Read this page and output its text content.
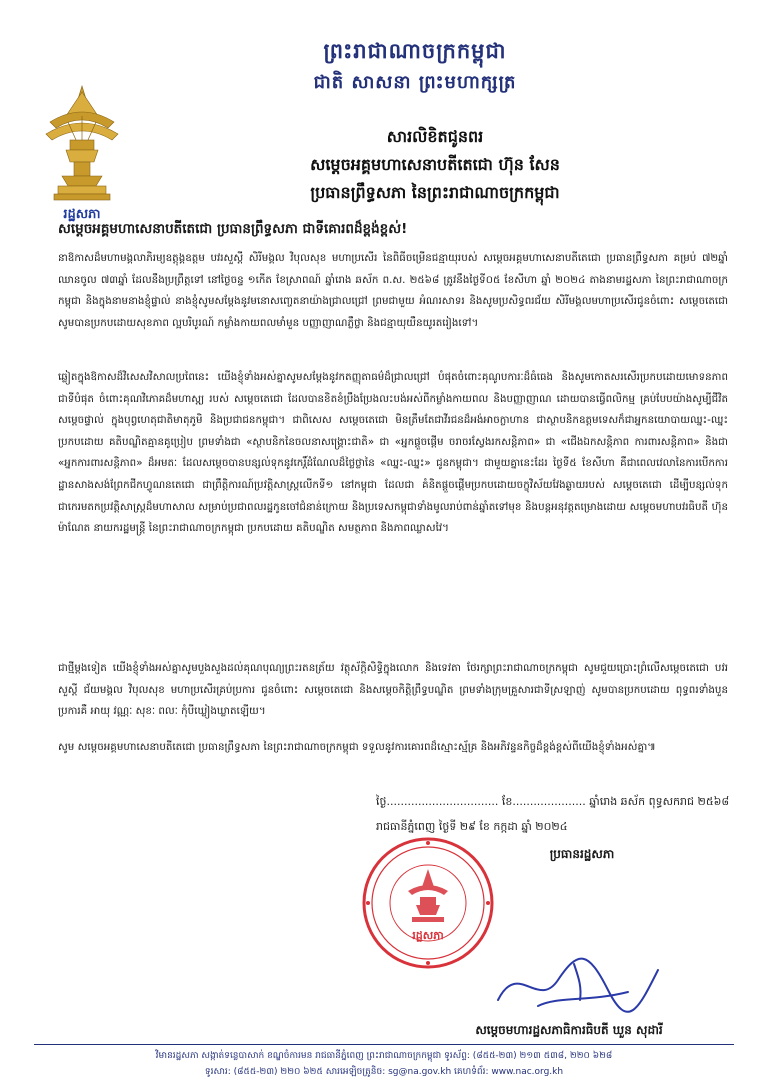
ព្រះរាជាណាចក្រកម្ពុជា
ជាតិ សាសនា ព្រះមហាក្សត្រ
រដ្ឋសភា
សារលិខិតជូនពរ
សម្ដេចអគ្គមហាសេនាបតីតេជោ ហ៊ុន សែន
ប្រធានព្រឹទ្ធសភា នៃព្រះរាជាណាចក្រកម្ពុជា
សម្ដេចអគ្គមហាសេនាបតីតេជោ ប្រធានព្រឹទ្ធសភា ជាទីគោរពដ៏ខ្ពង់ខ្ពស់!
នាឱកាសដ៏មហាមង្គលាភិរម្យឧត្ដុង្គឧត្ដម បវរសួស្ដី សិរីមង្គល វិបុលសុខ មហាប្រសើរ នៃពិធីចម្រើនជន្មាយុរបស់ សម្ដេចអគ្គមហាសេនាបតីតេជោ ប្រធានព្រឹទ្ធសភា គម្រប់ ៧២ឆ្នាំ ឈានចូល ៧៣ឆ្នាំ ដែលនឹងប្រព្រឹត្តទៅ នៅថ្ងៃចន្ទ ១កើត ខែស្រាពណ៍ ឆ្នាំរោង ឆស័ក ព.ស. ២៥៦៨ ត្រូវនឹងថ្ងៃទី០៥ ខែសីហា ឆ្នាំ ២០២៤ តាងនាមរដ្ឋសភា នៃព្រះរាជាណាចក្រកម្ពុជា និងក្នុងនាមនាងខ្ញុំផ្ទាល់ នាងខ្ញុំសូមសម្ដែងនូវមនោសញ្ចេតនាយ៉ាងជ្រាលជ្រៅ ព្រមជាមួយ អំណរសាទរ និងសូមប្រសិទ្ធពរជ័យ សិរីមង្គលមហាប្រសើរជូនចំពោះ សម្ដេចតេជោ សូមបានប្រកបដោយសុខភាព ល្អបរិបូរណ៍ កម្លាំងកាយពលមាំមួន បញ្ញាញាណភ្លឺថ្លា និងជន្មាយុយឺនយូរតរៀងទៅ។
ឆ្លៀតក្នុងឱកាសដ៏វិសេសវិសាលប្រពៃនេះ យើងខ្ញុំទាំងអស់គ្នាសូមសម្ដែងនូវកតញ្ញុតាធម៌ដ៏ជ្រាលជ្រៅ បំផុតចំពោះគុណូបការៈដ៏ធំធេង និងសូមកោតសរសើរប្រកបដោយមោទនភាពជាទីបំផុត ចំពោះគុណវិភោគដ៏មហាស្ដ្យ របស់ សម្ដេចតេជោ ដែលបានខិតខំប្រឹងប្រែងលះបង់អស់ពីកម្លាំងកាយពល និងបញ្ញាញាណ ដោយបានធ្វើពលិកម្ម គ្រប់បែបយ៉ាងសូម្បីជីវិតសម្ដេចផ្ទាល់ ក្នុងបុព្វហេតុជាតិមាតុភូមិ និងប្រជាជនកម្ពុជា។ ជាពិសេស សម្ដេចតេជោ មិនត្រឹមតែជាវីរជនដ៏អង់អាចក្លាហាន ជាស្ថាបនិកឧត្ដមទេសក៏ជាអ្នកនយោបាយឈ្នះ-ឈ្នះ ប្រកបដោយ គតិបណ្ឌិតគ្មានគូប្រៀប ព្រមទាំងជា «ស្ថាបនិកនៃចលនាសង្គ្រោះជាតិ» ជា «អ្នកផ្ដួចផ្ដើម ចរាចរស្វែងរកសន្តិភាព» ជា «ជើងឯកសន្តិភាព ការពារសន្តិភាព» និងជា «អ្នកការពារសន្តិភាព» ដ៏អមតៈ ដែលសម្ដេចបានបន្សល់ទុកនូវកេរ្តិ៍ដំណែលដ៏ថ្លៃថ្លានៃ «ឈ្នះ-ឈ្នះ» ជូនកម្ពុជា។ ជាមួយគ្នានេះដែរ ថ្ងៃទី៥ ខែសីហា គឺជាពេលវេលានៃការបើកការដ្ឋានសាងសង់ព្រែកជីកហ្វូណនតេជោ ជាព្រឹត្តិការណ៍ប្រវត្តិសាស្ត្រលើកទី១ នៅកម្ពុជា ដែលជា គំនិតផ្ដួចផ្ដើមប្រកបដោយចក្ខុវិស័យវែងឆ្ងាយរបស់ សម្ដេចតេជោ ដើម្បីបន្សល់ទុកជាកេរមតកប្រវត្តិសាស្ដ្រដ៏មហាសាល សម្រាប់ប្រជាពលរដ្ឋកូនចៅជំនាន់ក្រោយ និងប្រទេសកម្ពុជាទាំងមូលរាប់ពាន់ឆ្នាំតទៅមុខ និងបន្តអនុវត្តតម្រោងដោយ សម្ដេចមហាបវរធិបតី ហ៊ុន ម៉ាណែត នាយករដ្ឋមន្ត្រី នៃព្រះរាជាណាចក្រកម្ពុជា ប្រកបដោយ គតិបណ្ឌិត សមត្ថភាព និងភាពឈ្លាសវៃ។
ជាថ្មីម្ដងទៀត យើងខ្ញុំទាំងអស់គ្នាសូមបួងសួងដល់គុណបុណ្យព្រះរតនត្រ័យ វត្ថុស័ក្តិសិទ្ធិក្នុងលោក និងទេវតា ថែរក្សាព្រះរាជាណាចក្រកម្ពុជា សូមជួយប្រោះព្រំលើសម្ដេចតេជោ បវរសួស្ដី ជ័យមង្គល វិបុលសុខ មហាប្រសើរគ្រប់ប្រការ ជូនចំពោះ សម្ដេចតេជោ និងសម្ដេចកិត្តិព្រឹទ្ធបណ្ឌិត ព្រមទាំងក្រុមគ្រួសារជាទីស្រឡាញ់ សូមបានប្រកបដោយ ពុទ្ធពរទាំងបួនប្រការគឺ អាយុ វណ្ណៈ សុខៈ ពលៈ កុំបីឃ្លៀងឃ្លាតឡើយ។
សូម សម្ដេចអគ្គមហាសេនាបតីតេជោ ប្រធានព្រឹទ្ធសភា នៃព្រះរាជាណាចក្រកម្ពុជា ទទួលនូវការគោរពដ៏ស្មោះស្ម័គ្រ និងអភិវន្ទនកិច្ចដ៏ខ្ពង់ខ្ពស់ពីយើងខ្ញុំទាំងអស់គ្នា៕
ថ្ងៃ................................ ខែ..................... ឆ្នាំរោង ឆស័ក ពុទ្ធសករាជ ២៥៦៨
រាជធានីភ្នំពេញ ថ្ងៃទី ២៩ ខែ កក្កដា ឆ្នាំ ២០២៤
ប្រធានរដ្ឋសភា
រដ្ឋសភា
សម្ដេចមហារដ្ឋសភាធិការធិបតី ឃួន សុដារី
វិមានរដ្ឋសភា សង្កាត់ទន្លេបាសាក់ ខណ្ឌចំការមន រាជធានីភ្នំពេញ ព្រះរាជាណាចក្រកម្ពុជា ទូរស័ព្ទ: (៨៥៥-២៣) ២១៣ ៥៣៨, ២២០ ៦២៨
ទូរសារ: (៨៥៥-២៣) ២២០ ៦២៥ សារអេឡិចត្រូនិច: sg@na.gov.kh គេហទំព័រ: www.nac.org.kh
